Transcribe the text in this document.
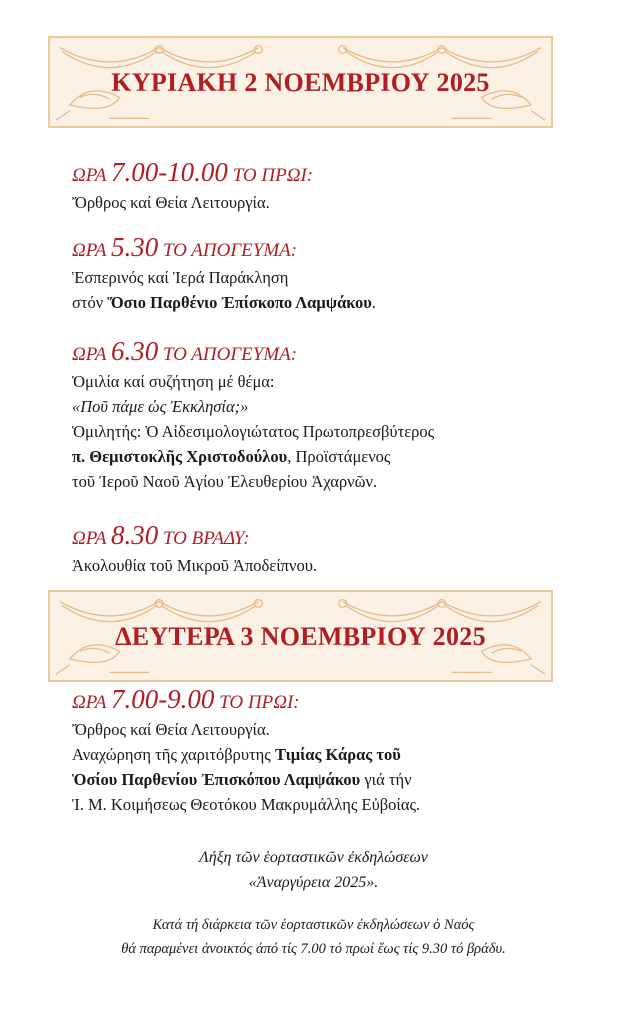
ΚΥΡΙΑΚΗ 2 ΝΟΕΜΒΡΙΟΥ 2025
ΩΡΑ 7.00-10.00 ΤΟ ΠΡΩΙ:
Ὄρθρος καί Θεία Λειτουργία.
ΩΡΑ 5.30 ΤΟ ΑΠΟΓΕΥΜΑ:
Ἑσπερινός καί Ἱερά Παράκληση
στόν Ὅσιο Παρθένιο Ἐπίσκοπο Λαμψάκου.
ΩΡΑ 6.30 ΤΟ ΑΠΟΓΕΥΜΑ:
Ὁμιλία καί συζήτηση μέ θέμα:
«Ποῦ πάμε ὡς Ἐκκλησία;»
Ὁμιλητής: Ὁ Αἰδεσιμολογιώτατος Πρωτοπρεσβύτερος
π. Θεμιστοκλῆς Χριστοδούλου, Προϊστάμενος
τοῦ Ἱεροῦ Ναοῦ Ἁγίου Ἐλευθερίου Ἀχαρνῶν.
ΩΡΑ 8.30 ΤΟ ΒΡΑΔΥ:
Ἀκολουθία τοῦ Μικροῦ Ἀποδείπνου.
ΔΕΥΤΕΡΑ 3 ΝΟΕΜΒΡΙΟΥ 2025
ΩΡΑ 7.00-9.00 ΤΟ ΠΡΩΙ:
Ὄρθρος καί Θεία Λειτουργία.
Αναχώρηση τῆς χαριτόβρυτης Τιμίας Κάρας τοῦ
Ὁσίου Παρθενίου Ἐπισκόπου Λαμψάκου γιά τήν
Ἱ. Μ. Κοιμήσεως Θεοτόκου Μακρυμάλλης Εὐβοίας.
Λήξη τῶν ἑορταστικῶν ἐκδηλώσεων
«Ἀναργύρεια 2025».
Κατά τή διάρκεια τῶν ἑορταστικῶν ἐκδηλώσεων ὁ Ναός
θά παραμένει ἀνοικτός ἀπό τίς 7.00 τό πρωί ἕως τίς 9.30 τό βράδυ.
